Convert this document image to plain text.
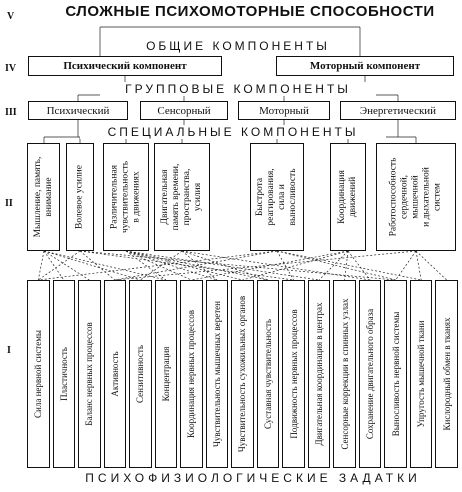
V
IV
III
II
I
СЛОЖНЫЕ ПСИХОМОТОРНЫЕ СПОСОБНОСТИ
ОБЩИЕ КОМПОНЕНТЫ
Психический компонент	Моторный компонент
ГРУППОВЫЕ КОМПОНЕНТЫ
Психический	Сенсорный	Моторный	Энергетический
СПЕЦИАЛЬНЫЕ КОМПОНЕНТЫ
Мышление, память,
внимание Волевое усилие	Различительная
чувствительность
в движениях Двигательная
память времени,
пространства,
усилия	Быстрота
реагирования,
сила и
выносливость	Координация
движений	Работоспособность
сердечной,
мышечной
и дыхательной
систем
Сила нервной системы Пластичность Баланс нервных процессов Активность Сензитивность Концентрация Координация нервных процессов Чувствительность мышечных веретен Чувствительность сухожильных органов Суставная чувствительность Подвижность нервных процессов Двигательная координация в центрах Сенсорные коррекции в спинных узлах Сохранение двигательного образа Выносливость нервной системы Упругость мышечной ткани Кислородный обмен в тканях
ПСИХОФИЗИОЛОГИЧЕСКИЕ ЗАДАТКИ
